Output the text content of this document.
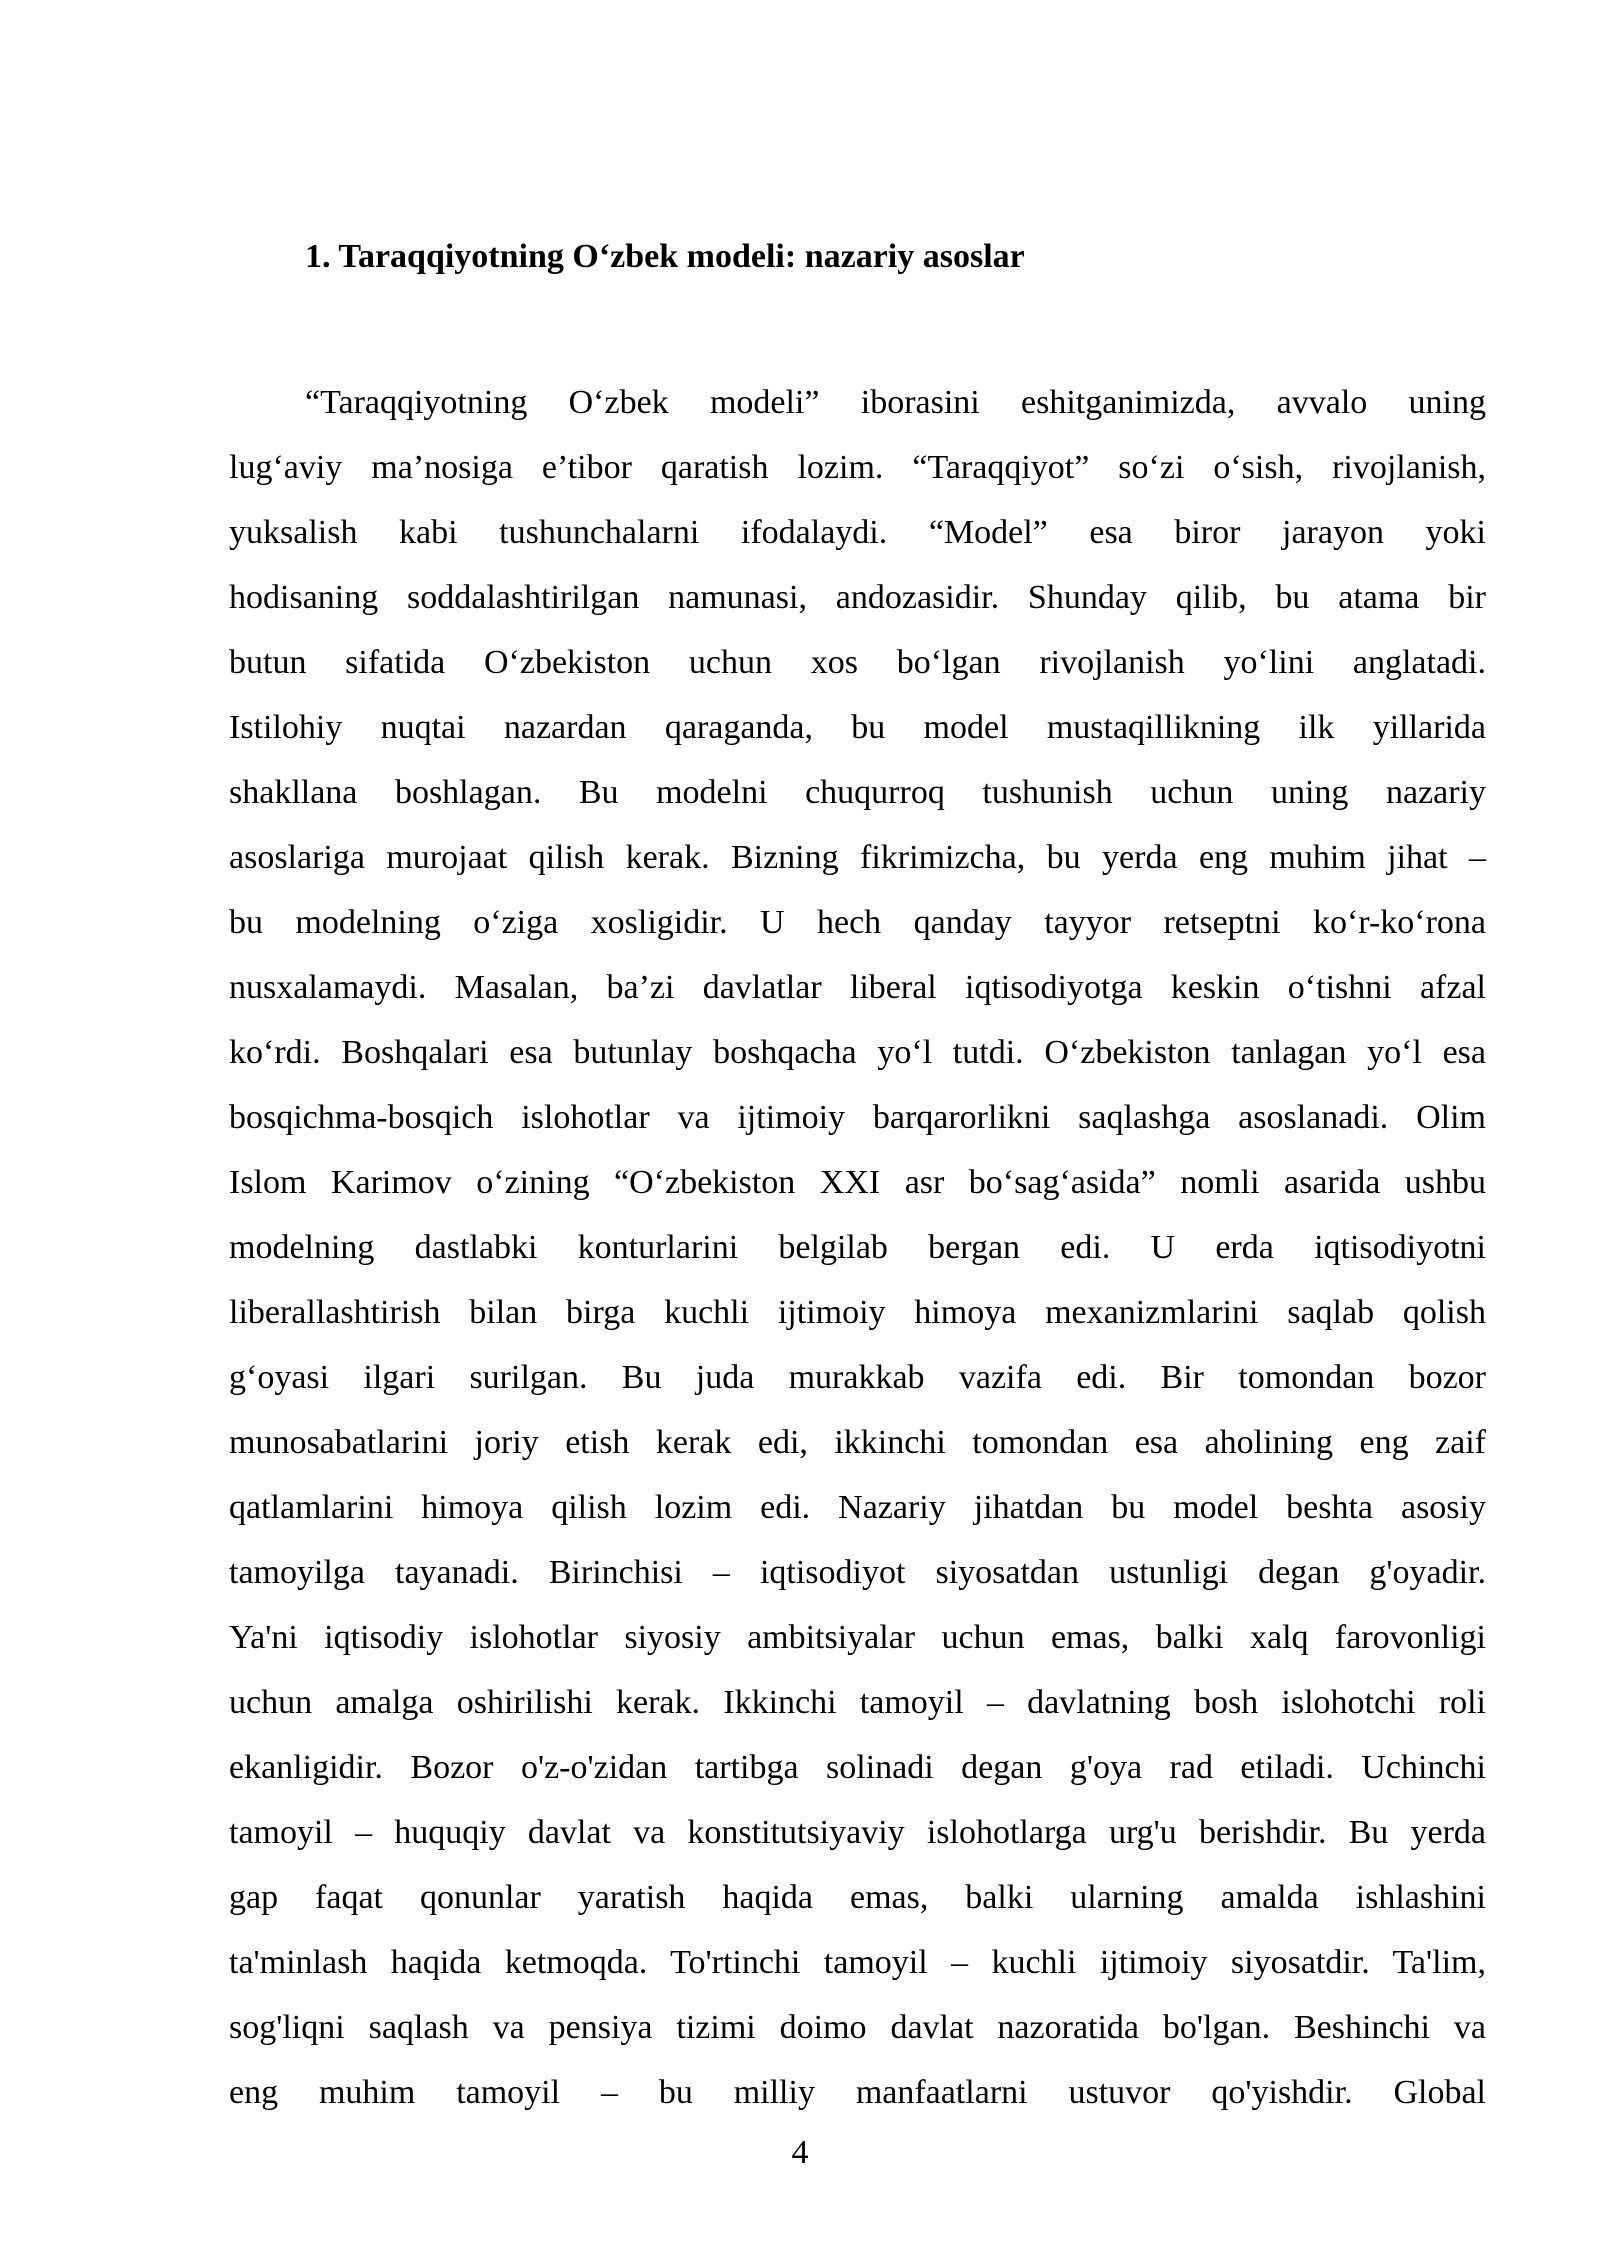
1. Taraqqiyotning O‘zbek modeli: nazariy asoslar
“Taraqqiyotning O‘zbek modeli” iborasini eshitganimizda, avvalo uning
lug‘aviy ma’nosiga e’tibor qaratish lozim. “Taraqqiyot” so‘zi o‘sish, rivojlanish,
yuksalish kabi tushunchalarni ifodalaydi. “Model” esa biror jarayon yoki
hodisaning soddalashtirilgan namunasi, andozasidir. Shunday qilib, bu atama bir
butun sifatida O‘zbekiston uchun xos bo‘lgan rivojlanish yo‘lini anglatadi.
Istilohiy nuqtai nazardan qaraganda, bu model mustaqillikning ilk yillarida
shakllana boshlagan. Bu modelni chuqurroq tushunish uchun uning nazariy
asoslariga murojaat qilish kerak. Bizning fikrimizcha, bu yerda eng muhim jihat –
bu modelning o‘ziga xosligidir. U hech qanday tayyor retseptni ko‘r-ko‘rona
nusxalamaydi. Masalan, ba’zi davlatlar liberal iqtisodiyotga keskin o‘tishni afzal
ko‘rdi. Boshqalari esa butunlay boshqacha yo‘l tutdi. O‘zbekiston tanlagan yo‘l esa
bosqichma-bosqich islohotlar va ijtimoiy barqarorlikni saqlashga asoslanadi. Olim
Islom Karimov o‘zining “O‘zbekiston XXI asr bo‘sag‘asida” nomli asarida ushbu
modelning dastlabki konturlarini belgilab bergan edi. U erda iqtisodiyotni
liberallashtirish bilan birga kuchli ijtimoiy himoya mexanizmlarini saqlab qolish
g‘oyasi ilgari surilgan. Bu juda murakkab vazifa edi. Bir tomondan bozor
munosabatlarini joriy etish kerak edi, ikkinchi tomondan esa aholining eng zaif
qatlamlarini himoya qilish lozim edi. Nazariy jihatdan bu model beshta asosiy
tamoyilga tayanadi. Birinchisi – iqtisodiyot siyosatdan ustunligi degan g'oyadir.
Ya'ni iqtisodiy islohotlar siyosiy ambitsiyalar uchun emas, balki xalq farovonligi
uchun amalga oshirilishi kerak. Ikkinchi tamoyil – davlatning bosh islohotchi roli
ekanligidir. Bozor o'z-o'zidan tartibga solinadi degan g'oya rad etiladi. Uchinchi
tamoyil – huquqiy davlat va konstitutsiyaviy islohotlarga urg'u berishdir. Bu yerda
gap faqat qonunlar yaratish haqida emas, balki ularning amalda ishlashini
ta'minlash haqida ketmoqda. To'rtinchi tamoyil – kuchli ijtimoiy siyosatdir. Ta'lim,
sog'liqni saqlash va pensiya tizimi doimo davlat nazoratida bo'lgan. Beshinchi va
eng muhim tamoyil – bu milliy manfaatlarni ustuvor qo'yishdir. Global
4
